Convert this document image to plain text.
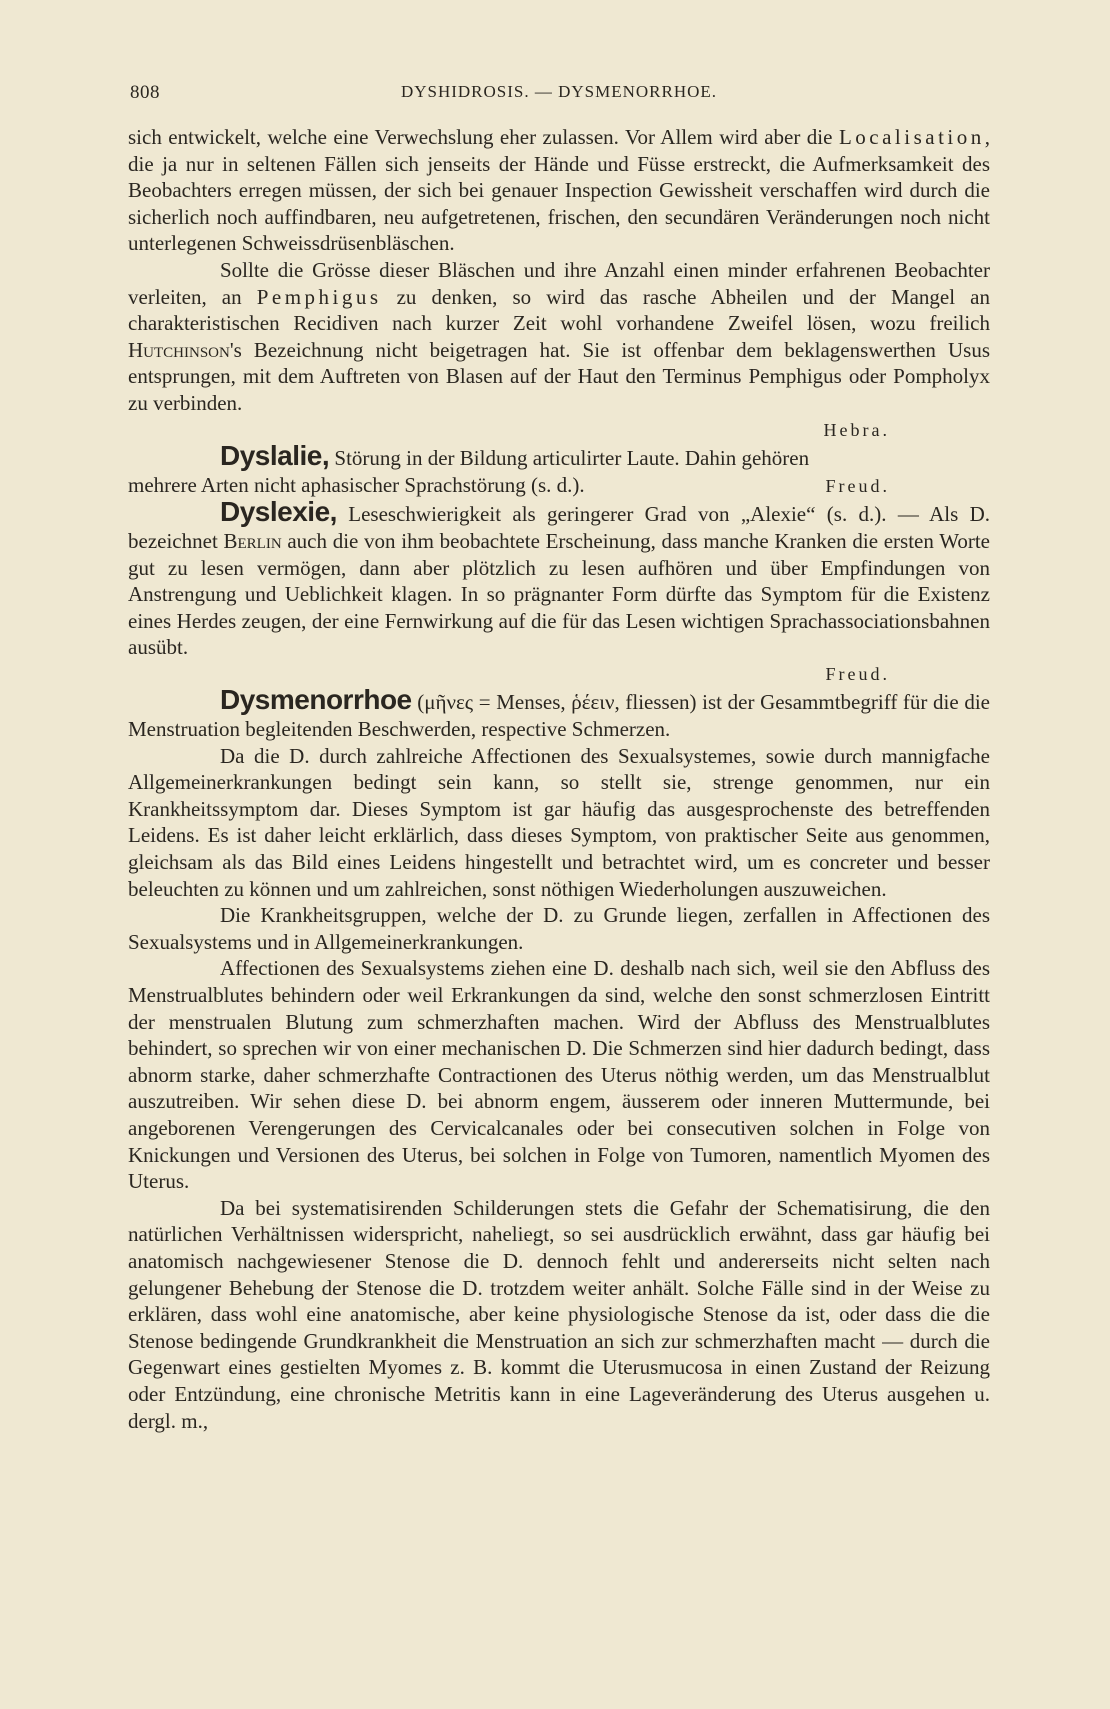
808	DYSHIDROSIS. — DYSMENORRHOE.

sich entwickelt, welche eine Verwechslung eher zulassen. Vor Allem wird aber die Localisation, die ja nur in seltenen Fällen sich jenseits der Hände und Füsse erstreckt, die Aufmerksamkeit des Beobachters erregen müssen, der sich bei genauer Inspection Gewissheit verschaffen wird durch die sicherlich noch auffindbaren, neu aufgetretenen, frischen, den secundären Veränderungen noch nicht unterlegenen Schweissdrüsenbläschen.

Sollte die Grösse dieser Bläschen und ihre Anzahl einen minder erfahrenen Beobachter verleiten, an Pemphigus zu denken, so wird das rasche Abheilen und der Mangel an charakteristischen Recidiven nach kurzer Zeit wohl vorhandene Zweifel lösen, wozu freilich Hutchinson's Bezeichnung nicht beigetragen hat. Sie ist offenbar dem beklagenswerthen Usus entsprungen, mit dem Auftreten von Blasen auf der Haut den Terminus Pemphigus oder Pompholyx zu verbinden.

Hebra.

Dyslalie, Störung in der Bildung articulirter Laute. Dahin gehören

mehrere Arten nicht aphasischer Sprachstörung (s. d.).	Freud.

Dyslexie, Leseschwierigkeit als geringerer Grad von „Alexie“ (s. d.). — Als D. bezeichnet Berlin auch die von ihm beobachtete Erscheinung, dass manche Kranken die ersten Worte gut zu lesen vermögen, dann aber plötzlich zu lesen aufhören und über Empfindungen von Anstrengung und Ueblichkeit klagen. In so prägnanter Form dürfte das Symptom für die Existenz eines Herdes zeugen, der eine Fernwirkung auf die für das Lesen wichtigen Sprachassociationsbahnen ausübt.

Freud.

Dysmenorrhoe (μῆνες = Menses, ῥέειν, fliessen) ist der Gesammtbegriff für die die Menstruation begleitenden Beschwerden, respective Schmerzen.

Da die D. durch zahlreiche Affectionen des Sexualsystemes, sowie durch mannigfache Allgemeinerkrankungen bedingt sein kann, so stellt sie, strenge genommen, nur ein Krankheitssymptom dar. Dieses Symptom ist gar häufig das ausgesprochenste des betreffenden Leidens. Es ist daher leicht erklärlich, dass dieses Symptom, von praktischer Seite aus genommen, gleichsam als das Bild eines Leidens hingestellt und betrachtet wird, um es concreter und besser beleuchten zu können und um zahlreichen, sonst nöthigen Wiederholungen auszuweichen.

Die Krankheitsgruppen, welche der D. zu Grunde liegen, zerfallen in Affectionen des Sexualsystems und in Allgemeinerkrankungen.

Affectionen des Sexualsystems ziehen eine D. deshalb nach sich, weil sie den Abfluss des Menstrualblutes behindern oder weil Erkrankungen da sind, welche den sonst schmerzlosen Eintritt der menstrualen Blutung zum schmerzhaften machen. Wird der Abfluss des Menstrualblutes behindert, so sprechen wir von einer mechanischen D. Die Schmerzen sind hier dadurch bedingt, dass abnorm starke, daher schmerzhafte Contractionen des Uterus nöthig werden, um das Menstrualblut auszutreiben. Wir sehen diese D. bei abnorm engem, äusserem oder inneren Muttermunde, bei angeborenen Verengerungen des Cervicalcanales oder bei consecutiven solchen in Folge von Knickungen und Versionen des Uterus, bei solchen in Folge von Tumoren, namentlich Myomen des Uterus.

Da bei systematisirenden Schilderungen stets die Gefahr der Schematisirung, die den natürlichen Verhältnissen widerspricht, naheliegt, so sei ausdrücklich erwähnt, dass gar häufig bei anatomisch nachgewiesener Stenose die D. dennoch fehlt und andererseits nicht selten nach gelungener Behebung der Stenose die D. trotzdem weiter anhält. Solche Fälle sind in der Weise zu erklären, dass wohl eine anatomische, aber keine physiologische Stenose da ist, oder dass die die Stenose bedingende Grundkrankheit die Menstruation an sich zur schmerzhaften macht — durch die Gegenwart eines gestielten Myomes z. B. kommt die Uterusmucosa in einen Zustand der Reizung oder Entzündung, eine chronische Metritis kann in eine Lageveränderung des Uterus ausgehen u. dergl. m.,
